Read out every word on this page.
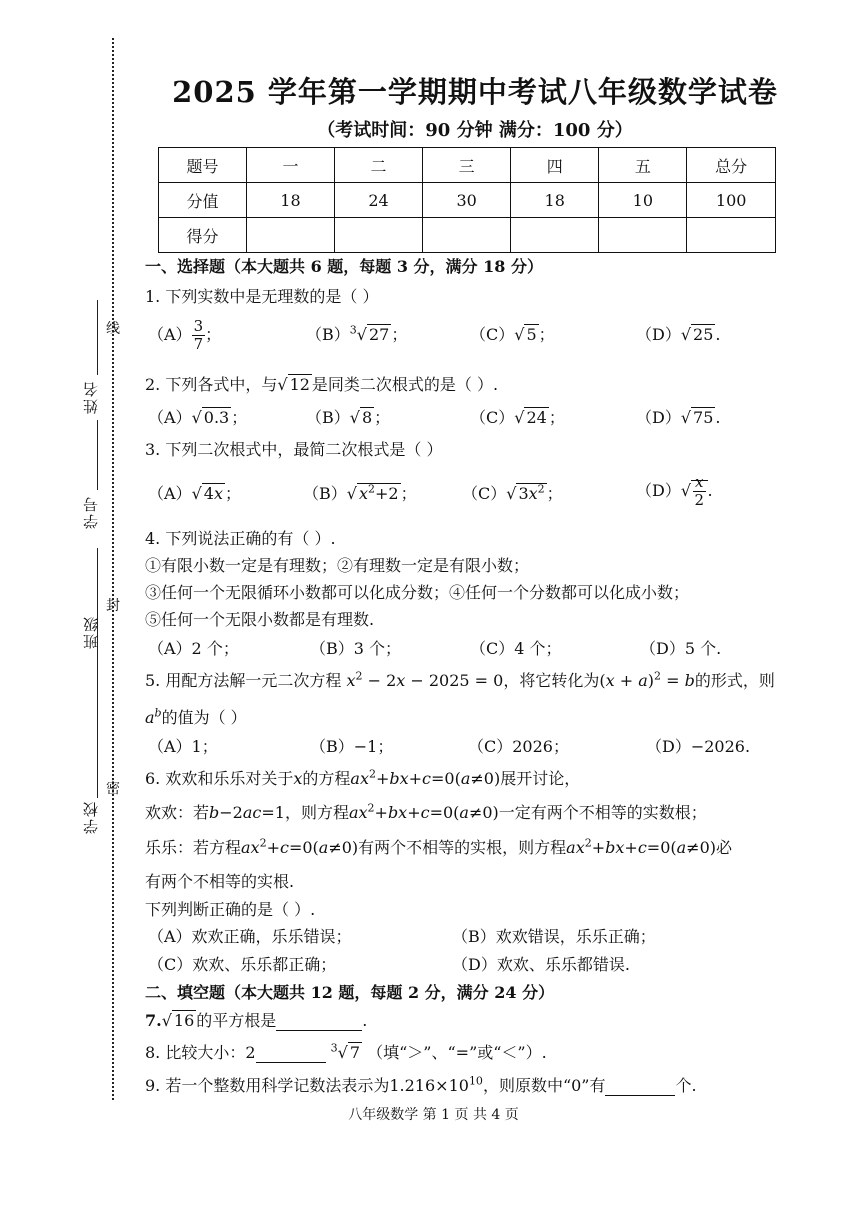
学校
班级
学号
姓名
密
封
线
2025 学年第一学期期中考试八年级数学试卷
（考试时间：90 分钟 满分：100 分）
题号	一	二	三	四	五	总分
分值	18	24	30	18	10	100
得分						
一、选择题（本大题共 6 题，每题 3 分，满分 18 分）
1. 下列实数中是无理数的是（ ）
$(A) \frac{3}{7}$ ；	$(B)^3√$ 27 ；	（C）√ 5 ；	（D）√ 25 .
2. 下列各式中，与√ 12 是同类二次根式的是（ ）.
（A）√ 0.3 ；	（B）√ 8 ；	（C）√ 24 ；	（D）√ 75 .
3. 下列二次根式中，最简二次根式是（ ）
（A）√ 4x ；	（B）√ $x^2+2$ ；	（C）√ $3x^2$ ；	$(D)√ \frac{x}{2}$ .
4. 下列说法正确的有（ ）.
①有限小数一定是有理数；②有理数一定是有限小数；
③任何一个无限循环小数都可以化成分数；④任何一个分数都可以化成小数；
⑤任何一个无限小数都是有理数.
（A）2 个；	（B）3 个；	（C）4 个；	（D）5 个.
5. 用配方法解一元二次方程 $x^2 - 2x - 2025 = 0$，将它转化为$(x + a)^2 = b$的形式，则
$a^b$的值为（ ）
（A）1；	（B）−1；	（C）2026；	（D）−2026.
6. 欢欢和乐乐对关于x的方程$ax^2+bx+c=0(a\ne 0)$展开讨论，
欢欢：若b−2ac=1，则方程$ax^2+bx+c=0(a\ne 0)$一定有两个不相等的实数根；
乐乐：若方程$ax^2+c=0(a\ne 0)$有两个不相等的实根，则方程$ax^2+bx+c=0(a\ne 0)$必
有两个不相等的实根.
下列判断正确的是（ ）.
（A）欢欢正确，乐乐错误；	（B）欢欢错误，乐乐正确；
（C）欢欢、乐乐都正确；	（D）欢欢、乐乐都错误.
二、填空题（本大题共 12 题，每题 2 分，满分 24 分）
7.√ 16 的平方根是	.
8. 比较大小：2	$^3$√ 7 （填“＞”、“=”或“＜”）.
9. 若一个整数用科学记数法表示为$1.216\times 10^{10}$，则原数中“0”有	个.
八年级数学 第 1 页 共 4 页
